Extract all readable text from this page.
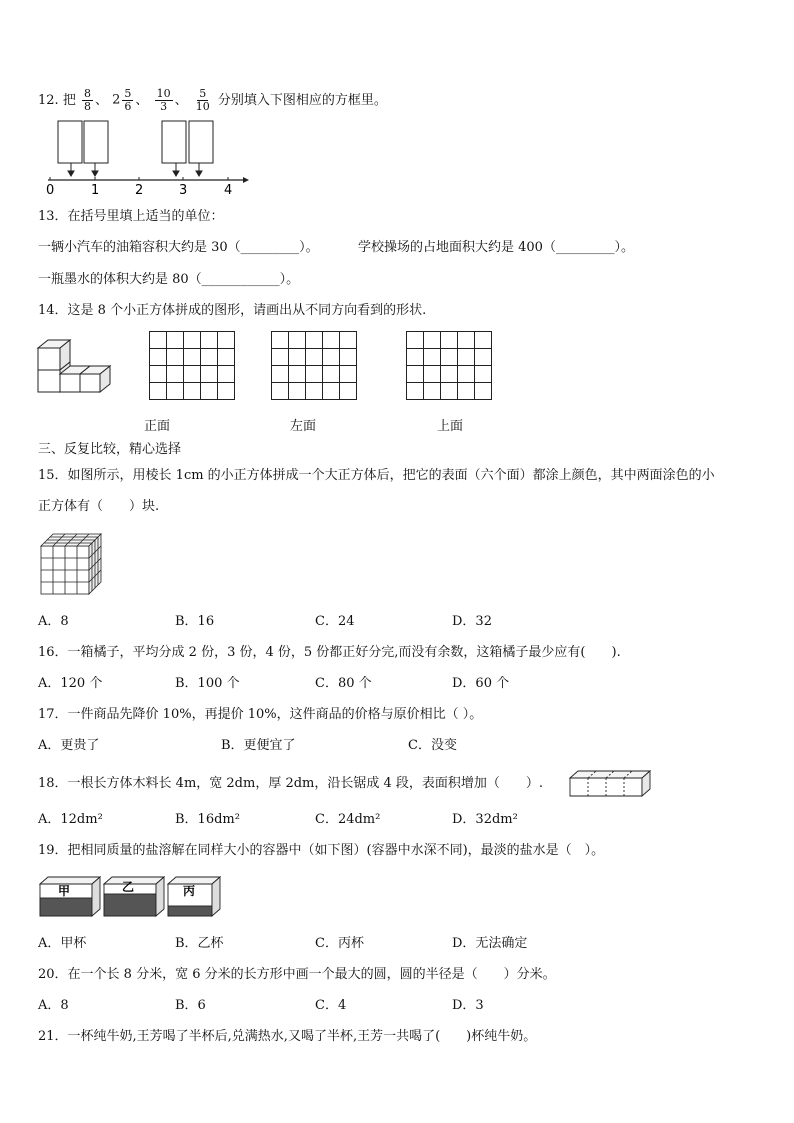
12. 把 $\frac{8}{8}$ 、 $2 \frac{5}{6}$ 、 $\frac{10}{3}$ 、 $\frac{5}{10}$ 分别填入下图相应的方框里。
0	1	2	3	4
13．在括号里填上适当的单位：
一辆小汽车的油箱容积大约是 30（_________）。	学校操场的占地面积大约是 400（_________）。
一瓶墨水的体积大约是 80（____________）。
14．这是 8 个小正方体拼成的图形，请画出从不同方向看到的形状.

正面	左面	上面
三、反复比较，精心选择
15．如图所示，用棱长 1cm 的小正方体拼成一个大正方体后，把它的表面（六个面）都涂上颜色，其中两面涂色的小
正方体有（　　）块.
A．8	B．16	C．24	D．32
16．一箱橘子，平均分成 2 份，3 份，4 份，5 份都正好分完,而没有余数，这箱橘子最少应有(　　).
A．120 个	B．100 个	C．80 个	D．60 个
17．一件商品先降价 10%，再提价 10%，这件商品的价格与原价相比（ ）。
A．更贵了	B．更便宜了	C．没变
18．一根长方体木料长 4m，宽 2dm，厚 2dm，沿长锯成 4 段，表面积增加（　　）.
A．12dm²	B．16dm²	C．24dm²	D．32dm²
19．把相同质量的盐溶解在同样大小的容器中（如下图）(容器中水深不同)，最淡的盐水是（　）。
甲	乙	丙
A．甲杯	B．乙杯	C．丙杯	D．无法确定
20．在一个长 8 分米，宽 6 分米的长方形中画一个最大的圆，圆的半径是（　　）分米。
A．8	B．6	C．4	D．3
21．一杯纯牛奶,王芳喝了半杯后,兑满热水,又喝了半杯,王芳一共喝了(　　)杯纯牛奶。
